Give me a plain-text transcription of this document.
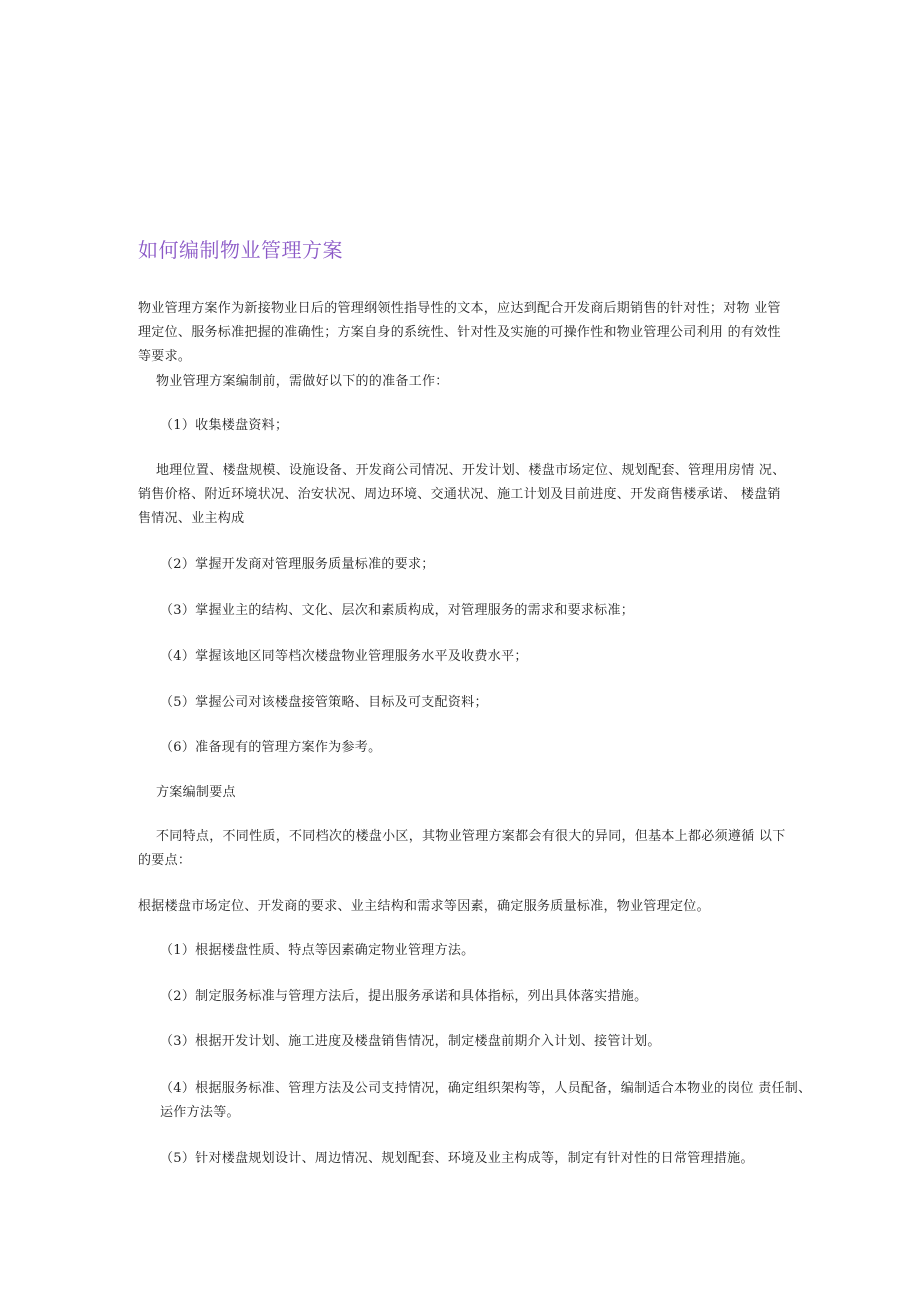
如何编制物业管理方案

物业管理方案作为新接物业日后的管理纲领性指导性的文本，应达到配合开发商后期销售的针对性；对物 业管理定位、服务标准把握的准确性；方案自身的系统性、针对性及实施的可操作性和物业管理公司利用 的有效性等要求。

物业管理方案编制前，需做好以下的的准备工作：

（1）收集楼盘资料；

地理位置、楼盘规模、设施设备、开发商公司情况、开发计划、楼盘市场定位、规划配套、管理用房情 况、销售价格、附近环境状况、治安状况、周边环境、交通状况、施工计划及目前进度、开发商售楼承诺、 楼盘销售情况、业主构成

（2）掌握开发商对管理服务质量标准的要求；

（3）掌握业主的结构、文化、层次和素质构成，对管理服务的需求和要求标准；

（4）掌握该地区同等档次楼盘物业管理服务水平及收费水平；

（5）掌握公司对该楼盘接管策略、目标及可支配资料；

（6）准备现有的管理方案作为参考。

方案编制要点

不同特点，不同性质，不同档次的楼盘小区，其物业管理方案都会有很大的异同，但基本上都必须遵循 以下的要点：

根据楼盘市场定位、开发商的要求、业主结构和需求等因素，确定服务质量标准，物业管理定位。

（1）根据楼盘性质、特点等因素确定物业管理方法。

（2）制定服务标准与管理方法后，提出服务承诺和具体指标，列出具体落实措施。

（3）根据开发计划、施工进度及楼盘销售情况，制定楼盘前期介入计划、接管计划。

（4）根据服务标准、管理方法及公司支持情况，确定组织架构等，人员配备，编制适合本物业的岗位 责任制、运作方法等。

（5）针对楼盘规划设计、周边情况、规划配套、环境及业主构成等，制定有针对性的日常管理措施。
